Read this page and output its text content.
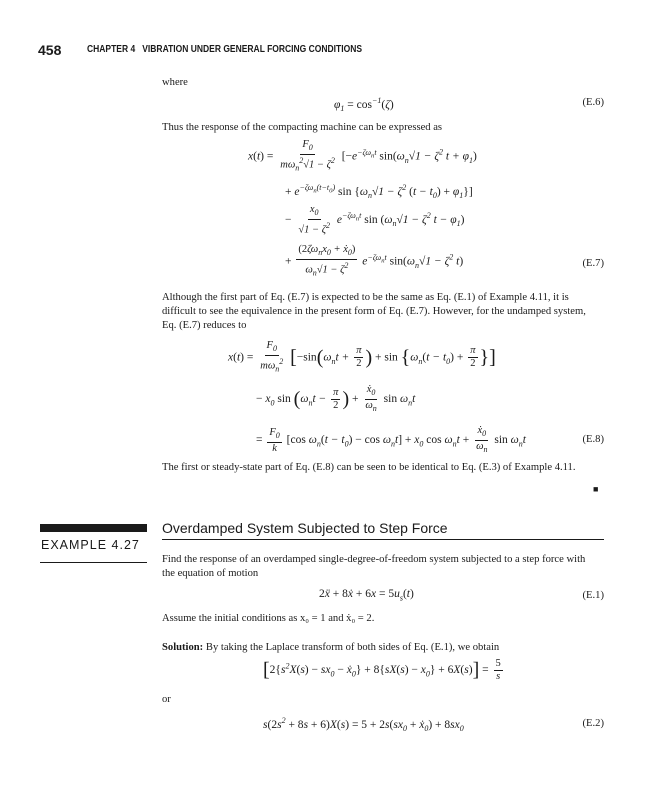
458	CHAPTER 4   VIBRATION UNDER GENERAL FORCING CONDITIONS
where
$\varphi_1 = \cos^{-1}(\zeta)$	(E.6)
Thus the response of the compacting machine can be expressed as
$x(t) = \frac{F_0}{m\omega_n^2√1 - \zeta^2} [-e^{-\zeta\omega_nt}$ $\sin(\omega_n√1 - \zeta^2$ $t + \varphi_1$)
+ $e^{-\zeta\omega_n(t-t_0)}$ $\sin \{\omega_n√1 - \zeta^2$ $(t - t_0) + \varphi_1$}]
− $\frac{x_0}{√1 - \zeta^2} e^{-\zeta\omega_nt}$ $\sin (\omega_n√1 - \zeta^2$ $t - \varphi_1$)
+ $\frac{(2\zeta\omega_nx_0 + ẋ_0)}{\omega_n√1 - \zeta^2} e^{-\zeta\omega_nt}$ $\sin(\omega_n√1 - \zeta^2$ t)	(E.7)
Although the first part of Eq. (E.7) is expected to be the same as Eq. (E.1) of Example 4.11, it is
difficult to see the equivalence in the present form of Eq. (E.7). However, for the undamped system,
Eq. (E.7) reduces to
$x(t) = \frac{F_0}{m\omega_n^2} [-\sin(\omega_nt + \frac{\pi}{2}$ ) + $\sin \{\omega_n(t - t_0) + \frac{\pi}{2}$ }]
− $x_0$ $\sin (\omega_nt - \frac{\pi}{2}$ ) + $\frac{ẋ_0}{\omega_n}$ $\sin \omega_nt$
= $\frac{F_0}{k} [\cos$ $\omega_n(t - t_0) - \cos \omega_nt] + x_0$ $\cos \omega_nt + \frac{ẋ_0}{\omega_n}$ $\sin \omega_nt$	(E.8)
The first or steady-state part of Eq. (E.8) can be seen to be identical to Eq. (E.3) of Example 4.11.
■
EXAMPLE 4.27
Overdamped System Subjected to Step Force
Find the response of an overdamped single-degree-of-freedom system subjected to a step force with
the equation of motion
2ẍ + 8ẋ + $6x = 5u_s(t)$	(E.1)
Assume the initial conditions as x₀ = 1 and ẋ₀ = 2.
Solution: By taking the Laplace transform of both sides of Eq. (E.1), we obtain
[$2\{s^2X(s) - sx_0$ − ẋ$_0$} + $8\{sX(s) - x_0\} + 6X(s)] = \frac{5}{s}$
or
$s(2s^2 + 8s + 6)X(s) = 5 + 2s(sx_0$ + ẋ$_0$) + $8sx_0$	(E.2)
